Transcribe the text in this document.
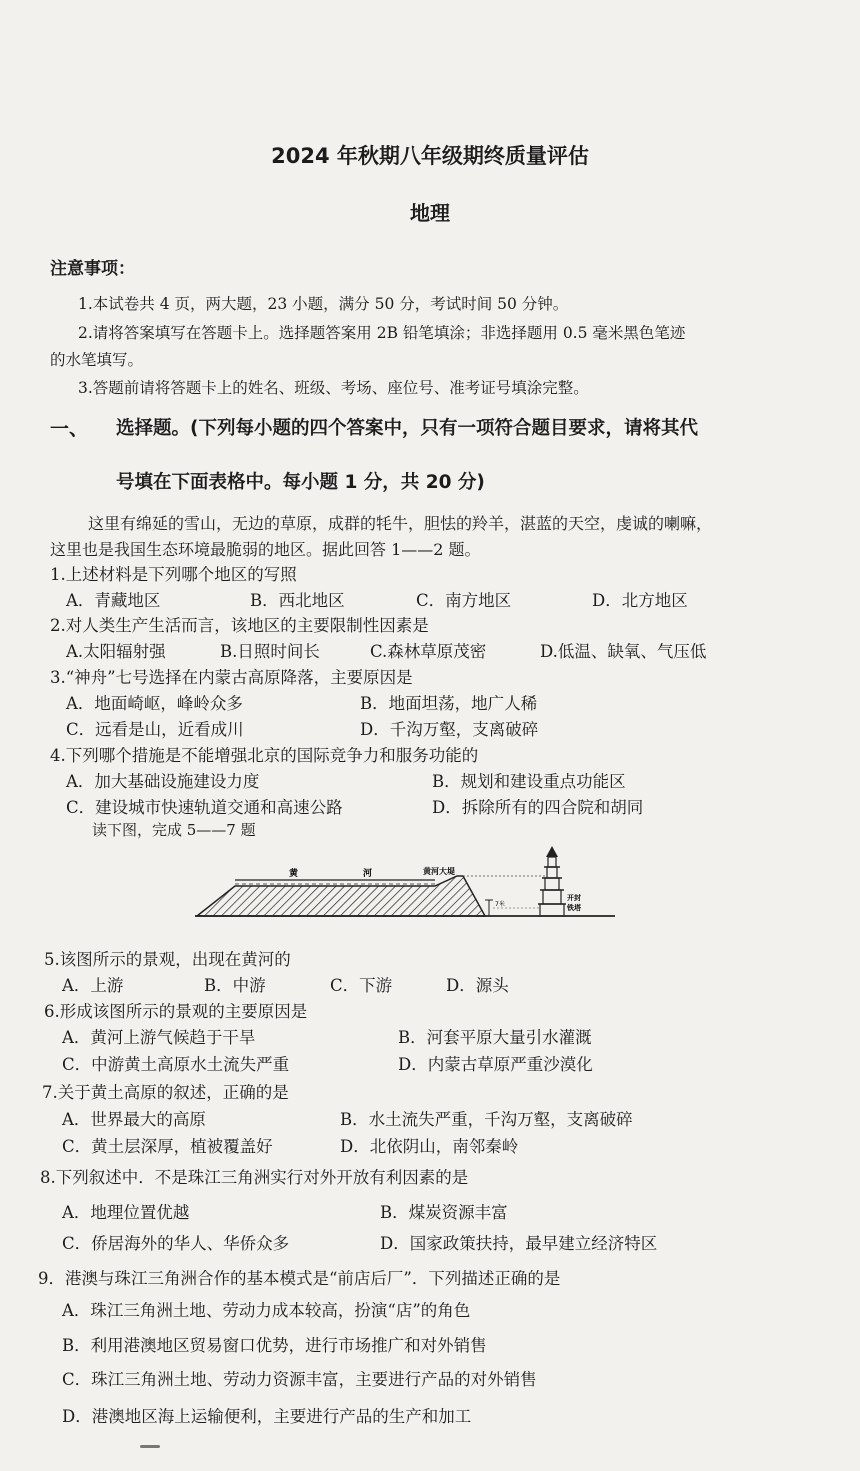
2024 年秋期八年级期终质量评估
地理
注意事项：
1.本试卷共 4 页，两大题，23 小题，满分 50 分，考试时间 50 分钟。
2.请将答案填写在答题卡上。选择题答案用 2B 铅笔填涂；非选择题用 0.5 毫米黑色笔迹
的水笔填写。
3.答题前请将答题卡上的姓名、班级、考场、座位号、准考证号填涂完整。
一、 选择题。(下列每小题的四个答案中，只有一项符合题目要求，请将其代
号填在下面表格中。每小题 1 分，共 20 分)
这里有绵延的雪山，无边的草原，成群的牦牛，胆怯的羚羊，湛蓝的天空，虔诚的喇嘛，
这里也是我国生态环境最脆弱的地区。据此回答 1——2 题。
1.上述材料是下列哪个地区的写照
A．青藏地区	B．西北地区	C．南方地区	D．北方地区
2.对人类生产生活而言，该地区的主要限制性因素是
A.太阳辐射强	B.日照时间长	C.森林草原茂密	D.低温、缺氧、气压低
3.“神舟”七号选择在内蒙古高原降落，主要原因是
A．地面崎岖，峰岭众多	B．地面坦荡，地广人稀
C．远看是山，近看成川	D．千沟万壑，支离破碎
4.下列哪个措施是不能增强北京的国际竞争力和服务功能的
A．加大基础设施建设力度	B．规划和建设重点功能区
C．建设城市快速轨道交通和高速公路	D．拆除所有的四合院和胡同
读下图，完成 5——7 题
黄	河	黄河大堤
7米
开封
铁塔
5.该图所示的景观，出现在黄河的
A．上游	B．中游	C．下游	D．源头
6.形成该图所示的景观的主要原因是
A．黄河上游气候趋于干旱	B．河套平原大量引水灌溉
C．中游黄土高原水土流失严重	D．内蒙古草原严重沙漠化
7.关于黄土高原的叙述，正确的是
A．世界最大的高原	B．水土流失严重，千沟万壑，支离破碎
C．黄土层深厚，植被覆盖好	D．北依阴山，南邻秦岭
8.下列叙述中．不是珠江三角洲实行对外开放有利因素的是
A．地理位置优越	B．煤炭资源丰富
C．侨居海外的华人、华侨众多	D．国家政策扶持，最早建立经济特区
9．港澳与珠江三角洲合作的基本模式是“前店后厂”．下列描述正确的是
A．珠江三角洲土地、劳动力成本较高，扮演“店”的角色
B．利用港澳地区贸易窗口优势，进行市场推广和对外销售
C．珠江三角洲土地、劳动力资源丰富，主要进行产品的对外销售
D．港澳地区海上运输便利，主要进行产品的生产和加工
